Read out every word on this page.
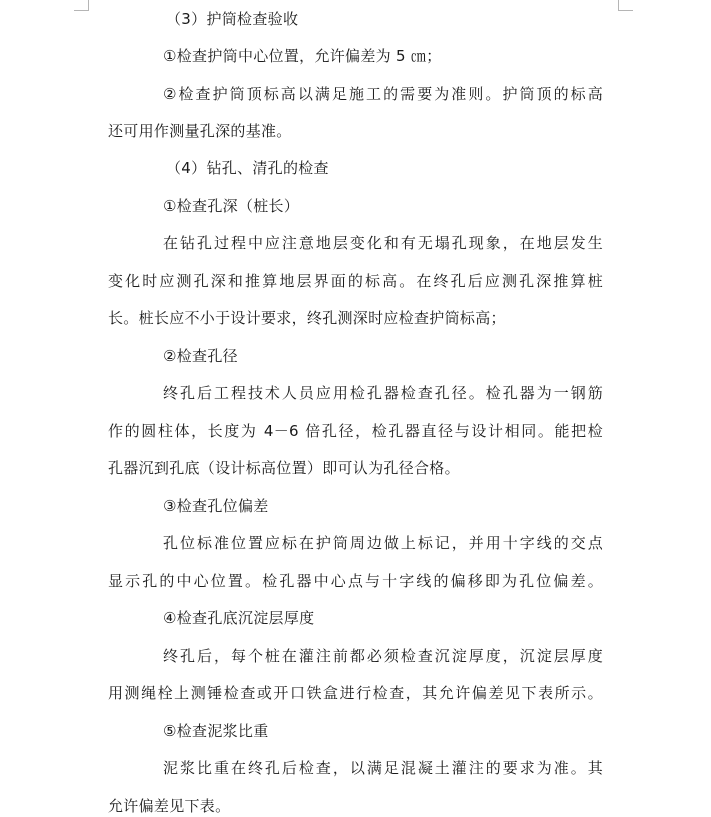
（3）护筒检查验收
①检查护筒中心位置，允许偏差为 5 ㎝；
②检查护筒顶标高以满足施工的需要为准则。护筒顶的标高
还可用作测量孔深的基准。
（4）钻孔、清孔的检查
①检查孔深（桩长）
在钻孔过程中应注意地层变化和有无塌孔现象，在地层发生
变化时应测孔深和推算地层界面的标高。在终孔后应测孔深推算桩
长。桩长应不小于设计要求，终孔测深时应检查护筒标高；
②检查孔径
终孔后工程技术人员应用检孔器检查孔径。检孔器为一钢筋
作的圆柱体，长度为 4－6 倍孔径，检孔器直径与设计相同。能把检
孔器沉到孔底（设计标高位置）即可认为孔径合格。
③检查孔位偏差
孔位标准位置应标在护筒周边做上标记，并用十字线的交点
显示孔的中心位置。检孔器中心点与十字线的偏移即为孔位偏差。
④检查孔底沉淀层厚度
终孔后，每个桩在灌注前都必须检查沉淀厚度，沉淀层厚度
用测绳栓上测锤检查或开口铁盒进行检查，其允许偏差见下表所示。
⑤检查泥浆比重
泥浆比重在终孔后检查，以满足混凝土灌注的要求为准。其
允许偏差见下表。
